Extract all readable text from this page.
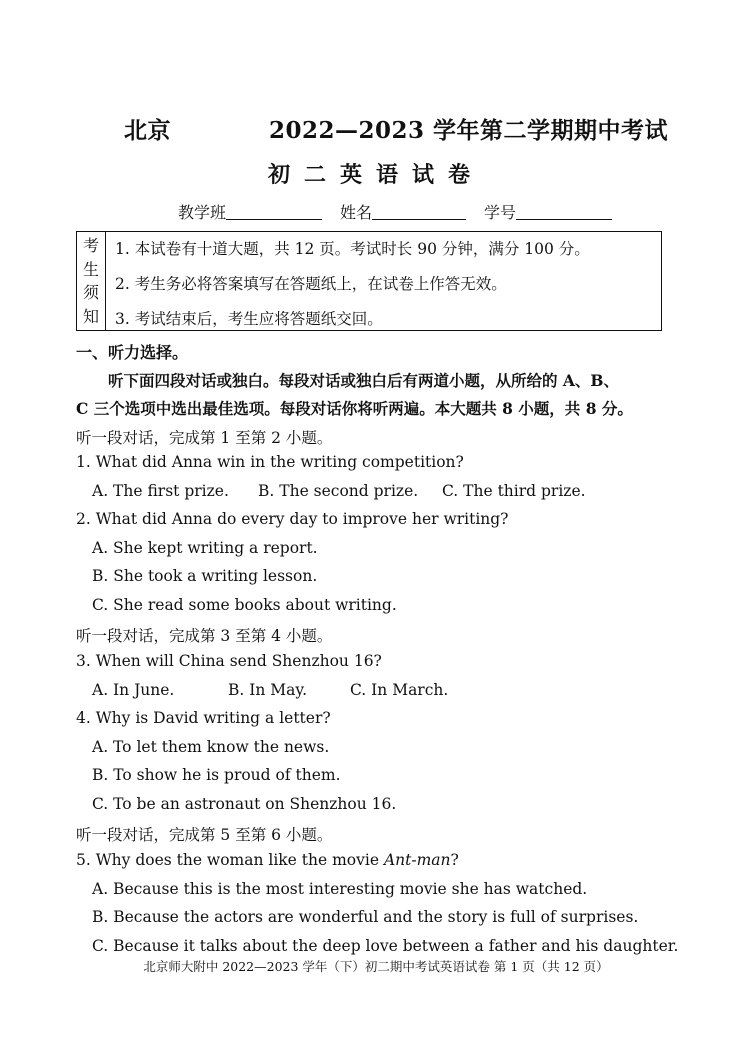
北京	2022—2023 学年第二学期期中考试
初二英语试卷
教学班	姓名	学号
考
生
须
知
1. 本试卷有十道大题，共 12 页。考试时长 90 分钟，满分 100 分。
2. 考生务必将答案填写在答题纸上，在试卷上作答无效。
3. 考试结束后，考生应将答题纸交回。
一、听力选择。
听下面四段对话或独白。每段对话或独白后有两道小题，从所给的 A、B、
C 三个选项中选出最佳选项。每段对话你将听两遍。本大题共 8 小题，共 8 分。
听一段对话，完成第 1 至第 2 小题。
1. What did Anna win in the writing competition?
A. The first prize. B. The second prize. C. The third prize.
2. What did Anna do every day to improve her writing?
A. She kept writing a report.
B. She took a writing lesson.
C. She read some books about writing.
听一段对话，完成第 3 至第 4 小题。
3. When will China send Shenzhou 16?
A. In June.	B. In May.	C. In March.
4. Why is David writing a letter?
A. To let them know the news.
B. To show he is proud of them.
C. To be an astronaut on Shenzhou 16.
听一段对话，完成第 5 至第 6 小题。
5. Why does the woman like the movie Ant-man?
A. Because this is the most interesting movie she has watched.
B. Because the actors are wonderful and the story is full of surprises.
C. Because it talks about the deep love between a father and his daughter.
北京师大附中 2022—2023 学年（下）初二期中考试英语试卷 第 1 页（共 12 页）
